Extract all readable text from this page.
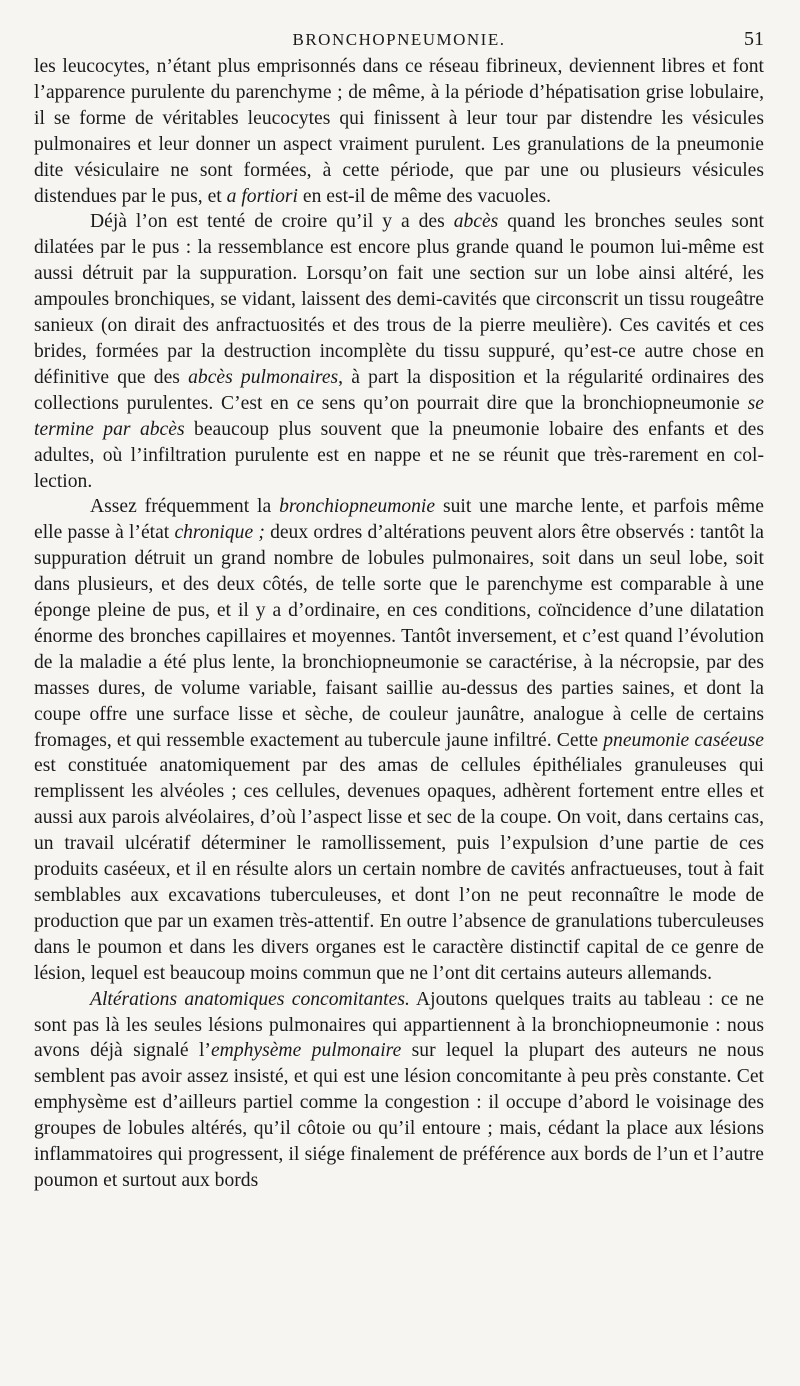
BRONCHOPNEUMONIE.	51

les leucocytes, n’étant plus emprisonnés dans ce réseau fibrineux, deviennent libres et font l’apparence purulente du parenchyme ; de même, à la période d’hépatisation grise lobulaire, il se forme de véritables leucocytes qui finissent à leur tour par distendre les vésicules pulmonaires et leur donner un aspect vraiment purulent. Les granulations de la pneumonie dite vésiculaire ne sont formées, à cette période, que par une ou plusieurs vésicules distendues par le pus, et a fortiori en est-il de même des vacuoles.

Déjà l’on est tenté de croire qu’il y a des abcès quand les bronches seules sont dilatées par le pus : la ressemblance est encore plus grande quand le poumon lui-même est aussi détruit par la suppuration. Lorsqu’on fait une section sur un lobe ainsi altéré, les ampoules bronchiques, se vidant, laissent des demi-cavités que circonscrit un tissu rougeâtre sanieux (on dirait des anfractuosités et des trous de la pierre meulière). Ces cavités et ces brides, formées par la destruction incomplète du tissu suppuré, qu’est-ce autre chose en définitive que des abcès pulmonaires, à part la disposition et la régularité ordinaires des collections purulentes. C’est en ce sens qu’on pourrait dire que la bronchiopneumonie se termine par abcès beaucoup plus souvent que la pneumonie lobaire des enfants et des adultes, où l’infiltration purulente est en nappe et ne se réunit que très-rarement en collection.

Assez fréquemment la bronchiopneumonie suit une marche lente, et parfois même elle passe à l’état chronique ; deux ordres d’altérations peuvent alors être observés : tantôt la suppuration détruit un grand nombre de lobules pulmonaires, soit dans un seul lobe, soit dans plusieurs, et des deux côtés, de telle sorte que le parenchyme est comparable à une éponge pleine de pus, et il y a d’ordinaire, en ces conditions, coïncidence d’une dilatation énorme des bronches capillaires et moyennes. Tantôt inversement, et c’est quand l’évolution de la maladie a été plus lente, la bronchiopneumonie se caractérise, à la nécropsie, par des masses dures, de volume variable, faisant saillie au-dessus des parties saines, et dont la coupe offre une surface lisse et sèche, de couleur jaunâtre, analogue à celle de certains fromages, et qui ressemble exactement au tubercule jaune infiltré. Cette pneumonie caséeuse est constituée anatomiquement par des amas de cellules épithéliales granuleuses qui remplissent les alvéoles ; ces cellules, devenues opaques, adhèrent fortement entre elles et aussi aux parois alvéolaires, d’où l’aspect lisse et sec de la coupe. On voit, dans certains cas, un travail ulcératif déterminer le ramollissement, puis l’expulsion d’une partie de ces produits caséeux, et il en résulte alors un certain nombre de cavités anfractueuses, tout à fait semblables aux excavations tuberculeuses, et dont l’on ne peut reconnaître le mode de production que par un examen très-attentif. En outre l’absence de granulations tuberculeuses dans le poumon et dans les divers organes est le caractère distinctif capital de ce genre de lésion, lequel est beaucoup moins commun que ne l’ont dit certains auteurs allemands.

Altérations anatomiques concomitantes. Ajoutons quelques traits au tableau : ce ne sont pas là les seules lésions pulmonaires qui appartiennent à la bronchiopneumonie : nous avons déjà signalé l’emphysème pulmonaire sur lequel la plupart des auteurs ne nous semblent pas avoir assez insisté, et qui est une lésion concomitante à peu près constante. Cet emphysème est d’ailleurs partiel comme la congestion : il occupe d’abord le voisinage des groupes de lobules altérés, qu’il côtoie ou qu’il entoure ; mais, cédant la place aux lésions inflammatoires qui progressent, il siége finalement de préférence aux bords de l’un et l’autre poumon et surtout aux bords
